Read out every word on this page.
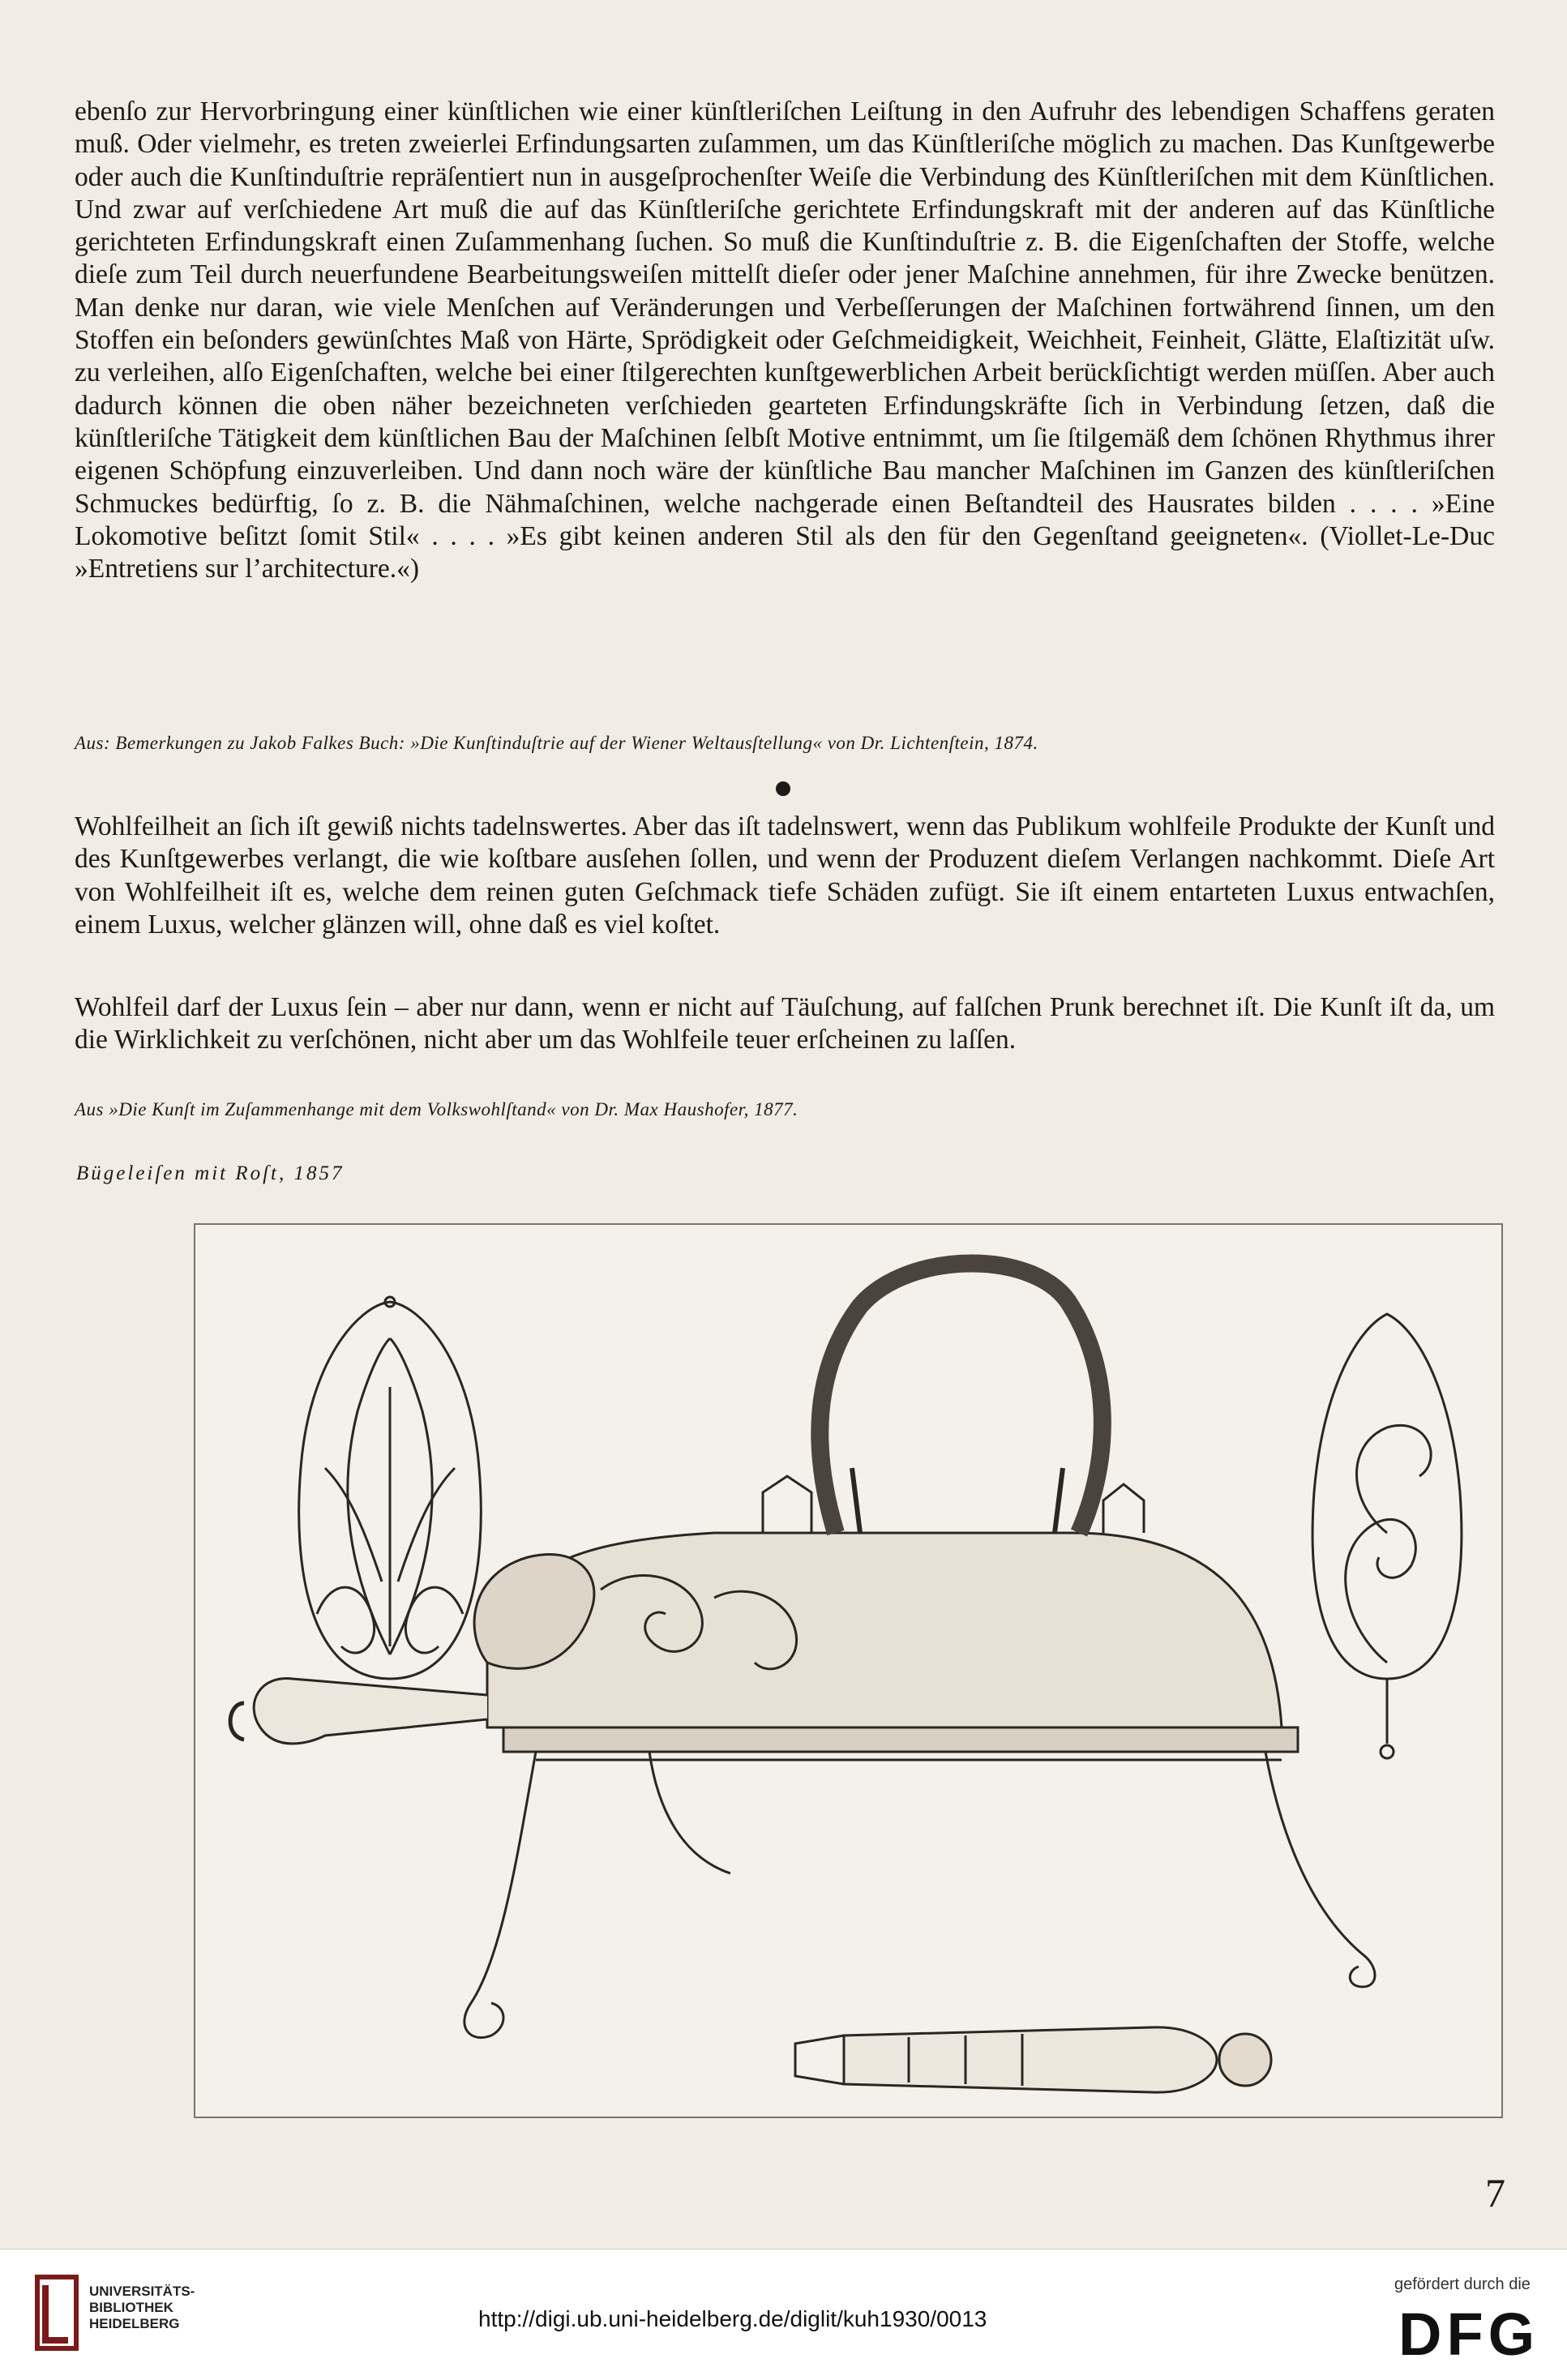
ebenſo zur Hervorbringung einer künſtlichen wie einer künſtleriſchen Leiſtung in den Aufruhr des lebendigen Schaffens geraten muß. Oder vielmehr, es treten zweierlei Erfindungsarten zuſammen, um das Künſtleriſche möglich zu machen. Das Kunſtgewerbe oder auch die Kunſtinduſtrie repräſentiert nun in ausgeſprochenſter Weiſe die Verbindung des Künſtleriſchen mit dem Künſtlichen. Und zwar auf verſchiedene Art muß die auf das Künſtleriſche gerichtete Erfindungskraft mit der anderen auf das Künſtliche gerichteten Erfindungskraft einen Zuſammenhang ſuchen. So muß die Kunſtinduſtrie z. B. die Eigenſchaften der Stoffe, welche dieſe zum Teil durch neuerfundene Bearbeitungsweiſen mittelſt dieſer oder jener Maſchine annehmen, für ihre Zwecke benützen. Man denke nur daran, wie viele Menſchen auf Veränderungen und Verbeſſerungen der Maſchinen fortwährend ſinnen, um den Stoffen ein beſonders gewünſchtes Maß von Härte, Sprödigkeit oder Geſchmeidigkeit, Weichheit, Feinheit, Glätte, Elaſtizität uſw. zu verleihen, alſo Eigenſchaften, welche bei einer ſtilgerechten kunſtgewerblichen Arbeit berückſichtigt werden müſſen. Aber auch dadurch können die oben näher bezeichneten verſchieden gearteten Erfindungskräfte ſich in Verbindung ſetzen, daß die künſtleriſche Tätigkeit dem künſtlichen Bau der Maſchinen ſelbſt Motive entnimmt, um ſie ſtilgemäß dem ſchönen Rhythmus ihrer eigenen Schöpfung einzuverleiben. Und dann noch wäre der künſtliche Bau mancher Maſchinen im Ganzen des künſtleriſchen Schmuckes bedürftig, ſo z. B. die Nähmaſchinen, welche nachgerade einen Beſtandteil des Hausrates bilden . . . . »Eine Lokomotive beſitzt ſomit Stil« . . . . »Es gibt keinen anderen Stil als den für den Gegenſtand geeigneten«. (Viollet-Le-Duc »Entretiens sur l’architecture.«)

Aus: Bemerkungen zu Jakob Falkes Buch: »Die Kunſtinduſtrie auf der Wiener Weltausſtellung« von Dr. Lichtenſtein, 1874.

Wohlfeilheit an ſich iſt gewiß nichts tadelnswertes. Aber das iſt tadelnswert, wenn das Publikum wohlfeile Produkte der Kunſt und des Kunſtgewerbes verlangt, die wie koſtbare ausſehen ſollen, und wenn der Produzent dieſem Verlangen nachkommt. Dieſe Art von Wohlfeilheit iſt es, welche dem reinen guten Geſchmack tiefe Schäden zufügt. Sie iſt einem entarteten Luxus entwachſen, einem Luxus, welcher glänzen will, ohne daß es viel koſtet.

Wohlfeil darf der Luxus ſein – aber nur dann, wenn er nicht auf Täuſchung, auf falſchen Prunk berechnet iſt. Die Kunſt iſt da, um die Wirklichkeit zu verſchönen, nicht aber um das Wohlfeile teuer erſcheinen zu laſſen.

Aus »Die Kunſt im Zuſammenhange mit dem Volkswohlſtand« von Dr. Max Haushofer, 1877.

Bügeleiſen mit Roſt, 1857
7
UNIVERSITÄTS-
BIBLIOTHEK
HEIDELBERG	http://digi.ub.uni-heidelberg.de/diglit/kuh1930/0013
gefördert durch die
DFG
